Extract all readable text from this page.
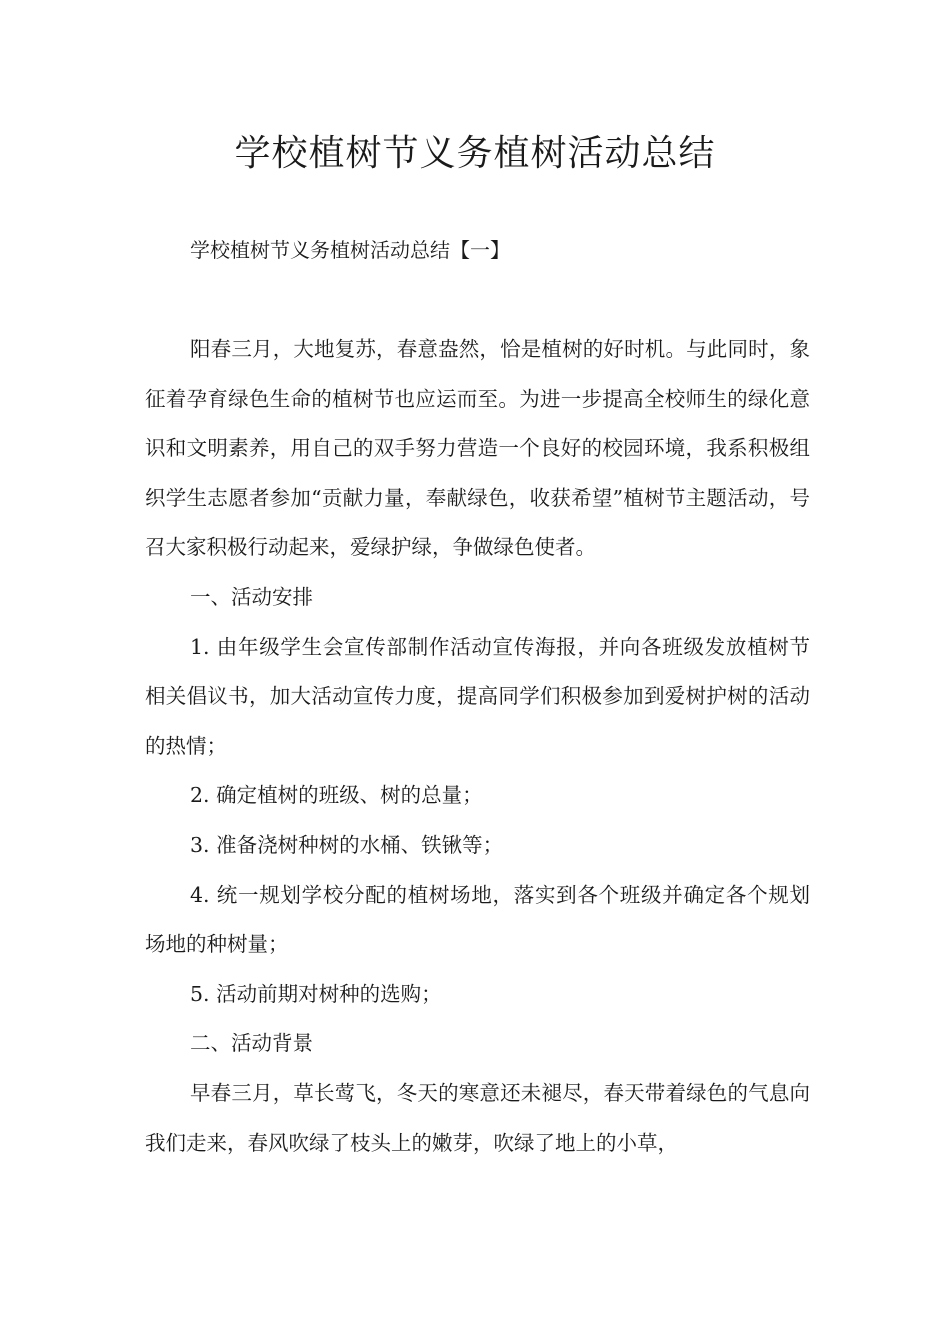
学校植树节义务植树活动总结

学校植树节义务植树活动总结【一】

阳春三月，大地复苏，春意盎然，恰是植树的好时机。与此同时，象征着孕育绿色生命的植树节也应运而至。为进一步提高全校师生的绿化意识和文明素养，用自己的双手努力营造一个良好的校园环境，我系积极组织学生志愿者参加“贡献力量，奉献绿色，收获希望”植树节主题活动，号召大家积极行动起来，爱绿护绿，争做绿色使者。

一、活动安排

1. 由年级学生会宣传部制作活动宣传海报，并向各班级发放植树节相关倡议书，加大活动宣传力度，提高同学们积极参加到爱树护树的活动的热情；

2. 确定植树的班级、树的总量；

3. 准备浇树种树的水桶、铁锹等；

4. 统一规划学校分配的植树场地，落实到各个班级并确定各个规划场地的种树量；

5. 活动前期对树种的选购；

二、活动背景

早春三月，草长莺飞，冬天的寒意还未褪尽，春天带着绿色的气息向我们走来，春风吹绿了枝头上的嫩芽，吹绿了地上的小草，
